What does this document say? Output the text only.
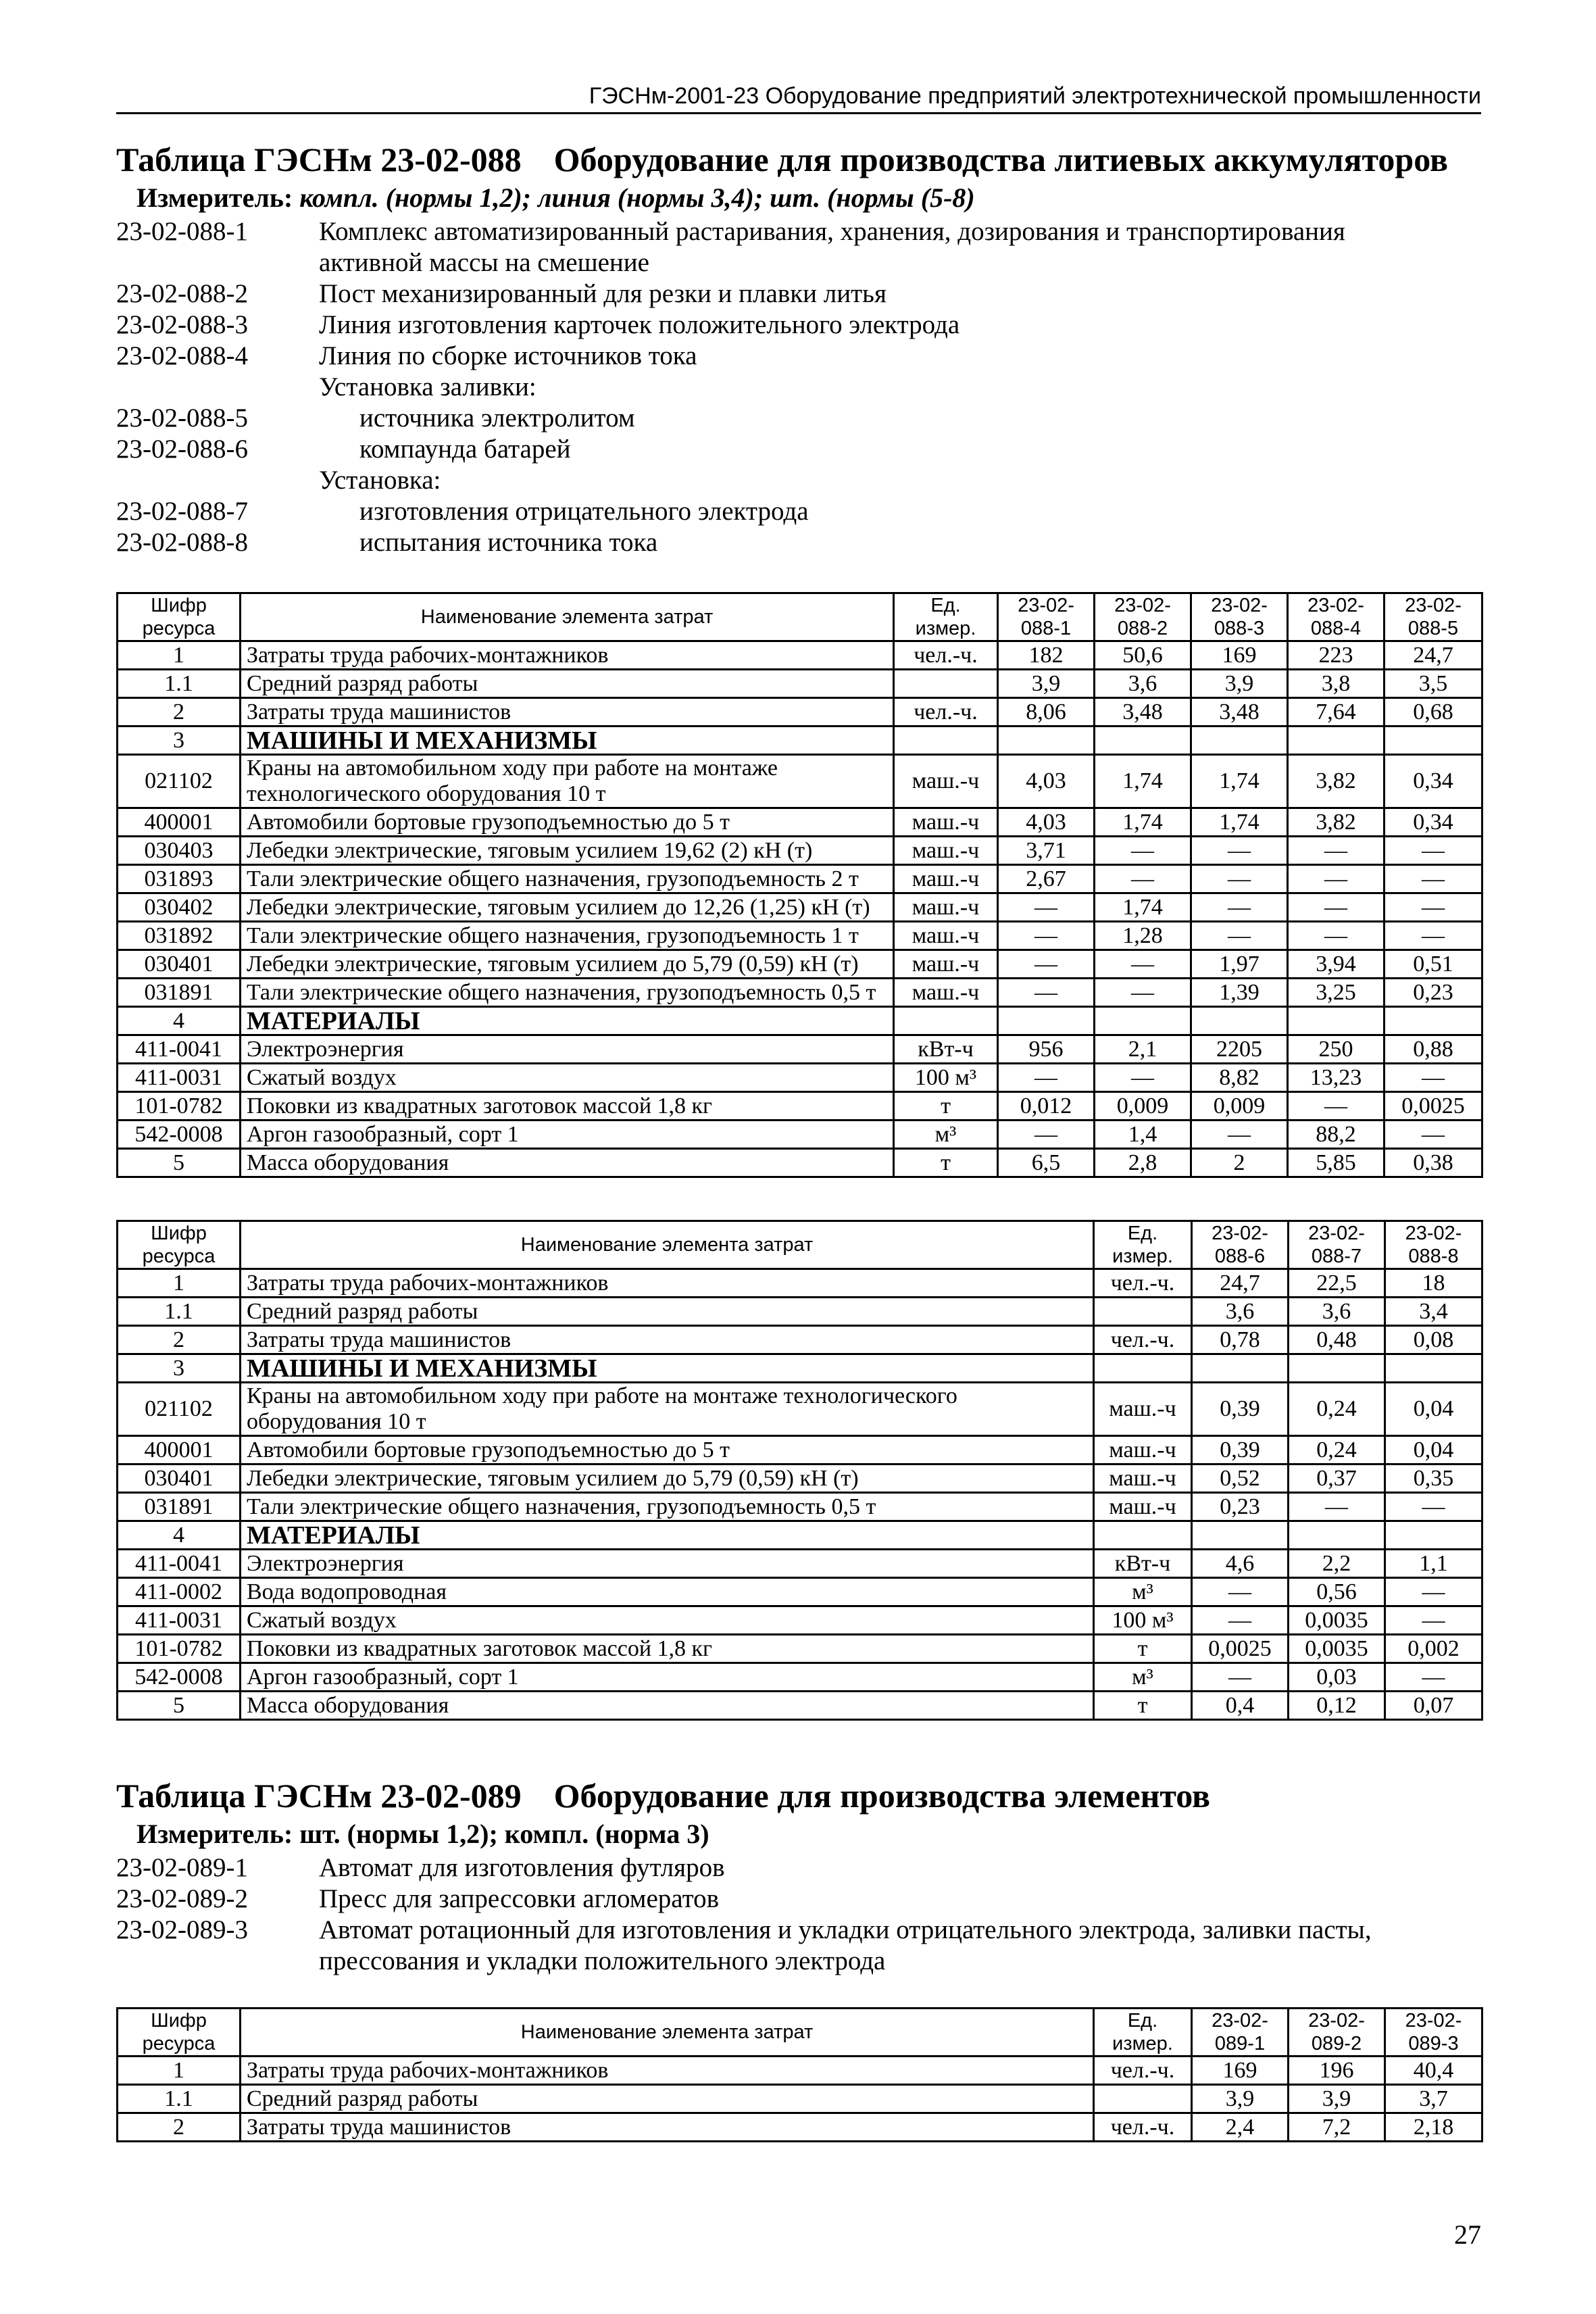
ГЭСНм-2001-23 Оборудование предприятий электротехнической промышленности
Таблица ГЭСНм 23-02-088 Оборудование для производства литиевых аккумуляторов
Измеритель: компл. (нормы 1,2); линия (нормы 3,4); шт. (нормы (5-8)
23-02-088-1	Комплекс автоматизированный растаривания, хранения, дозирования и транспортирования
активной массы на смешение
23-02-088-2	Пост механизированный для резки и плавки литья
23-02-088-3	Линия изготовления карточек положительного электрода
23-02-088-4	Линия по сборке источников тока
Установка заливки:
23-02-088-5	источника электролитом
23-02-088-6	компаунда батарей
Установка:
23-02-088-7	изготовления отрицательного электрода
23-02-088-8	испытания источника тока
Шифр ресурса	Наименование элемента затрат	Ед. измер.	23-02-088-1	23-02-088-2	23-02-088-3	23-02-088-4	23-02-088-5
1	Затраты труда рабочих-монтажников	чел.-ч.	182	50,6	169	223	24,7
1.1	Средний разряд работы		3,9	3,6	3,9	3,8	3,5
2	Затраты труда машинистов	чел.-ч.	8,06	3,48	3,48	7,64	0,68
3	МАШИНЫ И МЕХАНИЗМЫ						
021102	Краны на автомобильном ходу при работе на монтаже технологического оборудования 10 т	маш.-ч	4,03	1,74	1,74	3,82	0,34
400001	Автомобили бортовые грузоподъемностью до 5 т	маш.-ч	4,03	1,74	1,74	3,82	0,34
030403	Лебедки электрические, тяговым усилием 19,62 (2) кН (т)	маш.-ч	3,71	—	—	—	—
031893	Тали электрические общего назначения, грузоподъемность 2 т	маш.-ч	2,67	—	—	—	—
030402	Лебедки электрические, тяговым усилием до 12,26 (1,25) кН (т)	маш.-ч	—	1,74	—	—	—
031892	Тали электрические общего назначения, грузоподъемность 1 т	маш.-ч	—	1,28	—	—	—
030401	Лебедки электрические, тяговым усилием до 5,79 (0,59) кН (т)	маш.-ч	—	—	1,97	3,94	0,51
031891	Тали электрические общего назначения, грузоподъемность 0,5 т	маш.-ч	—	—	1,39	3,25	0,23
4	МАТЕРИАЛЫ						
411-0041	Электроэнергия	кВт-ч	956	2,1	2205	250	0,88
411-0031	Сжатый воздух	100 м³	—	—	8,82	13,23	—
101-0782	Поковки из квадратных заготовок массой 1,8 кг	т	0,012	0,009	0,009	—	0,0025
542-0008	Аргон газообразный, сорт 1	м³	—	1,4	—	88,2	—
5	Масса оборудования	т	6,5	2,8	2	5,85	0,38
Шифр ресурса	Наименование элемента затрат	Ед. измер.	23-02-088-6	23-02-088-7	23-02-088-8
1	Затраты труда рабочих-монтажников	чел.-ч.	24,7	22,5	18
1.1	Средний разряд работы		3,6	3,6	3,4
2	Затраты труда машинистов	чел.-ч.	0,78	0,48	0,08
3	МАШИНЫ И МЕХАНИЗМЫ				
021102	Краны на автомобильном ходу при работе на монтаже технологического оборудования 10 т	маш.-ч	0,39	0,24	0,04
400001	Автомобили бортовые грузоподъемностью до 5 т	маш.-ч	0,39	0,24	0,04
030401	Лебедки электрические, тяговым усилием до 5,79 (0,59) кН (т)	маш.-ч	0,52	0,37	0,35
031891	Тали электрические общего назначения, грузоподъемность 0,5 т	маш.-ч	0,23	—	—
4	МАТЕРИАЛЫ				
411-0041	Электроэнергия	кВт-ч	4,6	2,2	1,1
411-0002	Вода водопроводная	м³	—	0,56	—
411-0031	Сжатый воздух	100 м³	—	0,0035	—
101-0782	Поковки из квадратных заготовок массой 1,8 кг	т	0,0025	0,0035	0,002
542-0008	Аргон газообразный, сорт 1	м³	—	0,03	—
5	Масса оборудования	т	0,4	0,12	0,07
Таблица ГЭСНм 23-02-089 Оборудование для производства элементов
Измеритель: шт. (нормы 1,2); компл. (норма 3)
23-02-089-1	Автомат для изготовления футляров
23-02-089-2	Пресс для запрессовки агломератов
23-02-089-3	Автомат ротационный для изготовления и укладки отрицательного электрода, заливки пасты,
прессования и укладки положительного электрода
Шифр ресурса	Наименование элемента затрат	Ед. измер.	23-02-089-1	23-02-089-2	23-02-089-3
1	Затраты труда рабочих-монтажников	чел.-ч.	169	196	40,4
1.1	Средний разряд работы		3,9	3,9	3,7
2	Затраты труда машинистов	чел.-ч.	2,4	7,2	2,18
27
